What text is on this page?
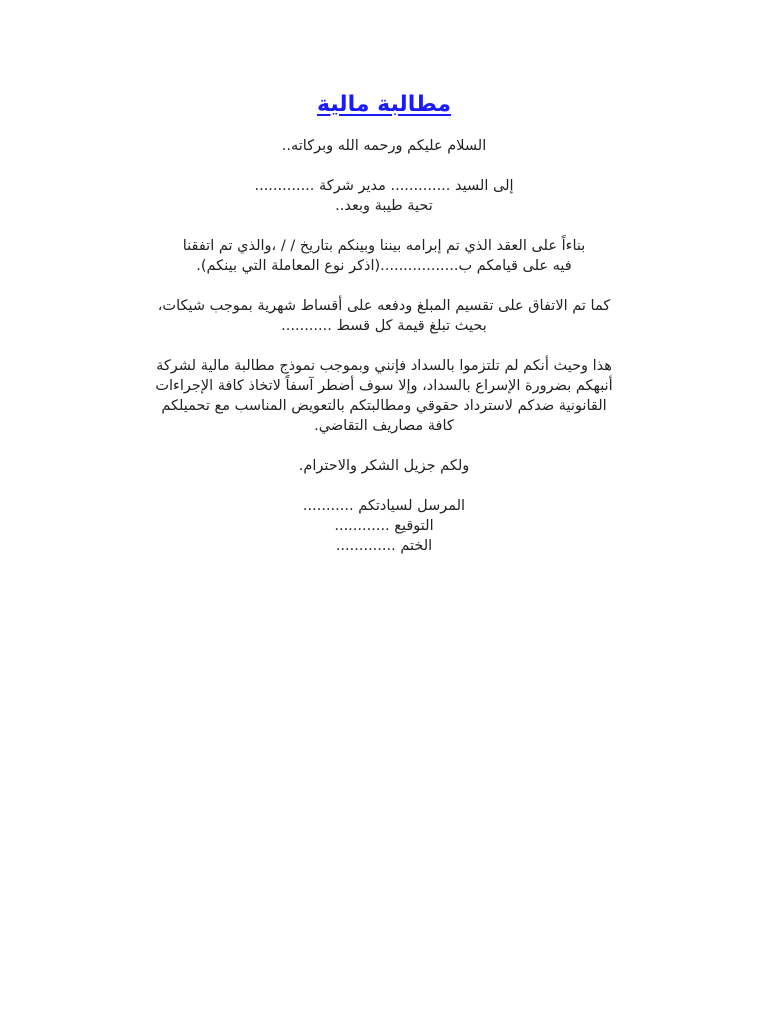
مطالبة مالية
السلام عليكم ورحمه الله وبركاته..
إلى السيد ............. مدير شركة .............
تحية طيبة وبعد..
بناءاً على العقد الذي تم إبرامه بيننا وبينكم بتاريخ / / ،والذي تم اتفقنا
فيه على قيامكم ب.................(اذكر نوع المعاملة التي بينكم).
كما تم الاتفاق على تقسيم المبلغ ودفعه على أقساط شهرية بموجب شيكات،
بحيث تبلغ قيمة كل قسط ...........
هذا وحيث أنكم لم تلتزموا بالسداد فإنني وبموجب نموذج مطالبة مالية لشركة
أنبهكم بضرورة الإسراع بالسداد، وإلا سوف أضطر آسفاً لاتخاذ كافة الإجراءات
القانونية ضدكم لاسترداد حقوقي ومطالبتكم بالتعويض المناسب مع تحميلكم
كافة مصاريف التقاضي.
ولكم جزيل الشكر والاحترام.
المرسل لسيادتكم ...........
التوقيع ............
الختم .............
